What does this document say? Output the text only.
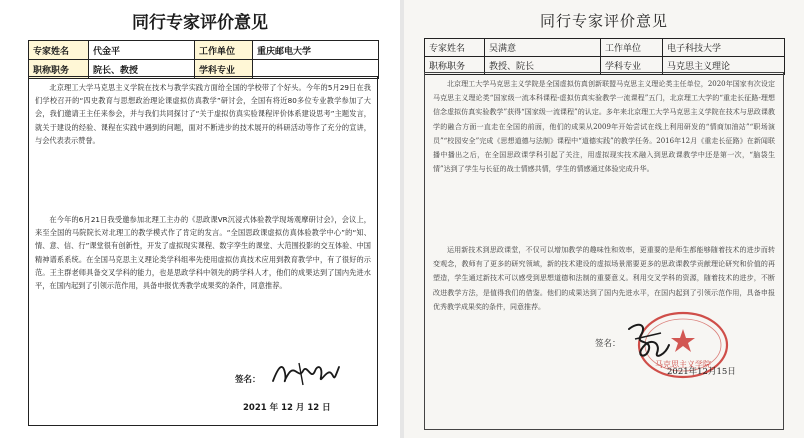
同行专家评价意见
专家姓名	代金平	工作单位	重庆邮电大学
职称职务	院长、教授	学科专业	
北京理工大学马克思主义学院在技术与教学实践方面给全国的学校带了个好头。今年的5月29日在我们学校召开的“四史教育与思想政治理论课虚拟仿真教学”研讨会，全国有将近80多位专业教学参加了大会，我们邀请王主任来参会，并与我们共同探讨了“关于虚拟仿真实验课程评价体系建设思考”主题发言，就关于建设的经验、课程在实践中遇到的问题，面对不断进步的技术展开的科研活动等作了充分的宣讲，与会代表表示赞誉。
在今年的6月21日我受邀参加北理工主办的《思政课VR沉浸式体验教学现场观摩研讨会》，会议上，来至全国的马院院长对北理工的教学模式作了肯定的发言。“全国思政课虚拟仿真体验教学中心”的“知、情、意、信、行”课堂很有创新性，开发了虚拟现实课程、数字孪生的课堂、大范围投影的交互体验、中国精神谱系系统。在全国马克思主义理论类学科组率先使用虚拟仿真技术应用到教育教学中，有了很好的示范。王主群老师具备交叉学科的能力，也是思政学科中领先的跨学科人才，他们的成果达到了国内先进水平，在国内起到了引领示范作用，具备申报优秀教学成果奖的条件，同意推荐。
签名：
2021 年 12 月 12 日
同行专家评价意见
专家姓名	吴满意	工作单位	电子科技大学
职称职务	教授、院长	学科专业	马克思主义理论
北京理工大学马克思主义学院是全国虚拟仿真创新联盟马克思主义理论类主任单位，2020年国家有次设定马克思主义理论类“国家级一流本科课程-虚拟仿真实验教学一流课程”五门，北京理工大学的“重走长征路-理想信念虚拟仿真实验教学”获得“国家级一流课程”的认定。多年来北京理工大学马克思主义学院在技术与思政课教学的融合方面一直走在全国的前面，他们的成果从2009年开始尝试在线上利用研发的“情商加油站”“职场演员”“校园安全”完成《思想道德与法制》课程中“道德实践”的教学任务。2016年12月《重走长征路》在新闻联播中播出之后，在全国思政课学科引起了关注，用虚拟现实技术融入到思政课教学中还是第一次，“脑袋生情”达到了学生与长征的战士情感共情，学生的情感通过体验完成升华。
运用新技术到思政课堂，不仅可以增加教学的趣味性和效率，更重要的是师生都能够随着技术的进步而转变观念，教师有了更多的研究领域，新的技术建设的虚拟场景需要更多的思政课教学贡献理论研究和价值的再塑造，学生通过新技术可以感受到思想道德和法制的重要意义。利用交叉学科的资源，随着技术的进步，不断改进教学方法，是值得我们的借鉴。他们的成果达到了国内先进水平，在国内起到了引领示范作用，具备申报优秀教学成果奖的条件，同意推荐。
签名：
马克思主义学院
2021年12月15日
